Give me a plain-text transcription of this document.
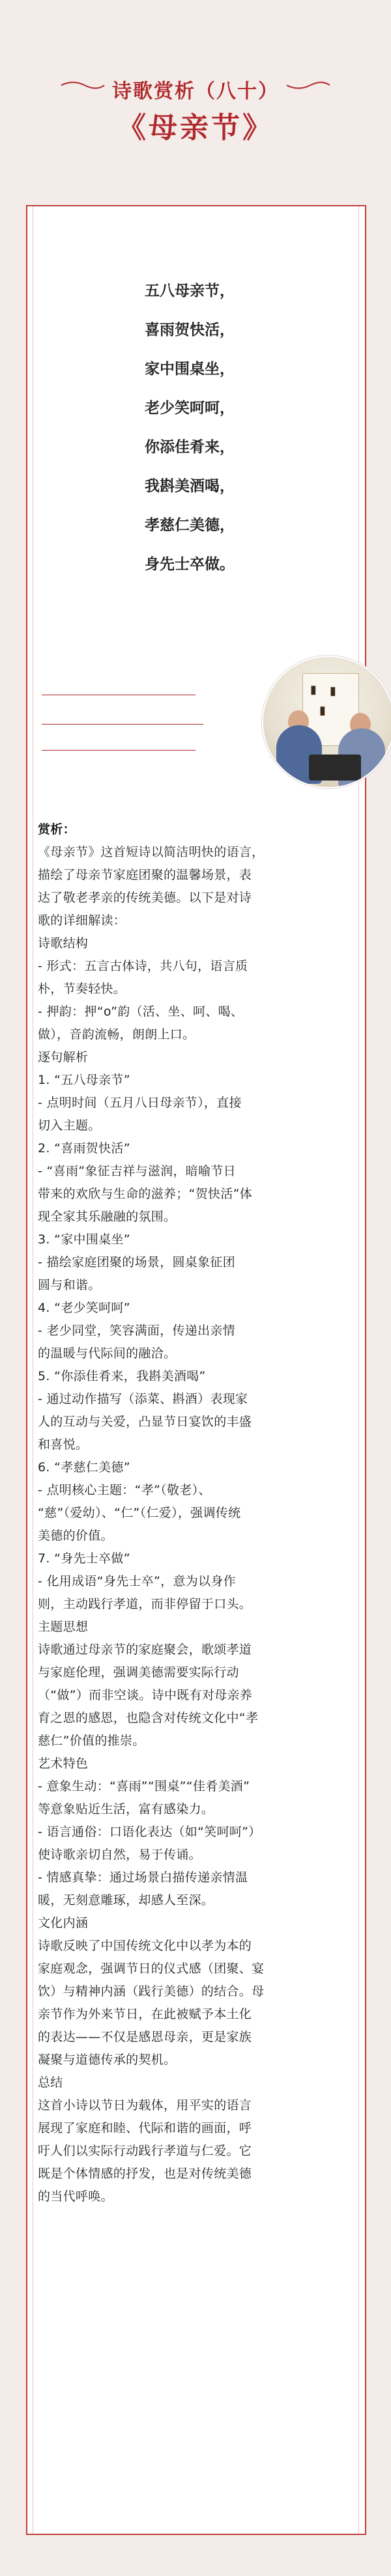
诗歌赏析（八十）
《母亲节》
五八母亲节，
喜雨贺快活，
家中围桌坐，
老少笑呵呵，
你添佳肴来，
我斟美酒喝，
孝慈仁美德，
身先士卒做。
▮ ▮
▮
赏析：
《母亲节》这首短诗以简洁明快的语言，
描绘了母亲节家庭团聚的温馨场景，表
达了敬老孝亲的传统美德。以下是对诗
歌的详细解读：
诗歌结构
- 形式：五言古体诗，共八句，语言质
朴，节奏轻快。
- 押韵：押“o”韵（活、坐、呵、喝、
做），音韵流畅，朗朗上口。
逐句解析
1. “五八母亲节”
- 点明时间（五月八日母亲节），直接
切入主题。
2. “喜雨贺快活”
- “喜雨”象征吉祥与滋润，暗喻节日
带来的欢欣与生命的滋养；“贺快活”体
现全家其乐融融的氛围。
3. “家中围桌坐”
- 描绘家庭团聚的场景，圆桌象征团
圆与和谐。
4. “老少笑呵呵”
- 老少同堂，笑容满面，传递出亲情
的温暖与代际间的融洽。
5. “你添佳肴来，我斟美酒喝”
- 通过动作描写（添菜、斟酒）表现家
人的互动与关爱，凸显节日宴饮的丰盛
和喜悦。
6. “孝慈仁美德”
- 点明核心主题：“孝”（敬老）、
“慈”（爱幼）、“仁”（仁爱），强调传统
美德的价值。
7. “身先士卒做”
- 化用成语“身先士卒”，意为以身作
则，主动践行孝道，而非停留于口头。
主题思想
诗歌通过母亲节的家庭聚会，歌颂孝道
与家庭伦理，强调美德需要实际行动
（“做”）而非空谈。诗中既有对母亲养
育之恩的感恩，也隐含对传统文化中“孝
慈仁”价值的推崇。
艺术特色
- 意象生动：“喜雨”“围桌”“佳肴美酒”
等意象贴近生活，富有感染力。
- 语言通俗：口语化表达（如“笑呵呵”）
使诗歌亲切自然，易于传诵。
- 情感真挚：通过场景白描传递亲情温
暖，无刻意雕琢，却感人至深。
文化内涵
诗歌反映了中国传统文化中以孝为本的
家庭观念，强调节日的仪式感（团聚、宴
饮）与精神内涵（践行美德）的结合。母
亲节作为外来节日，在此被赋予本土化
的表达——不仅是感恩母亲，更是家族
凝聚与道德传承的契机。
总结
这首小诗以节日为载体，用平实的语言
展现了家庭和睦、代际和谐的画面，呼
吁人们以实际行动践行孝道与仁爱。它
既是个体情感的抒发，也是对传统美德
的当代呼唤。
